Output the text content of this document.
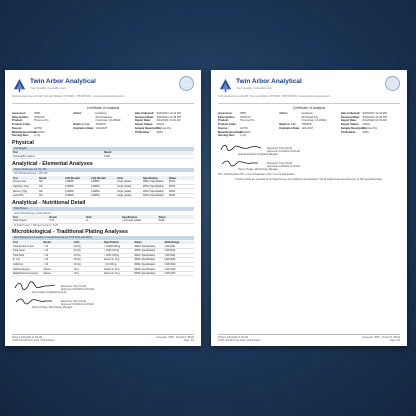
Twin Arbor Analytical
Your Quality Cannabis Lab
1019 Gresham Ave Unit 108, Twin Lots Washer, OH 53803 · 555-555-5151 · www.twinarboranalytical.com
Certificate of Analysis
Accession:	3565
External Rec:	INV0123
Product:	Thumos Pro
Product Code:
Source:	ACTM
Manufactured Date:
6/1/2024
Serving Size:	4 mg
Client:	Hushpets
331 Road Ave
Cincinnati, CA 93913
Batch or Lot:	TI0025P
Expiration Date: 12/1/2027
Date Collected: 5/25/2024 12:44 PM
Received Date:	5/29/2024 12:48 PM
Report Date:	6/11/2024 10:03 AM
Report Status:	FINAL
Sample Description:
Thymus Pro
PO Number:	6060
Physical
Unit Weight
Test	Result
Unit weight in grams	0.166
Analytical - Elemental Analyses
Heavy Metals (As, Cd, Hg, Pb)
ICP-MS Methodology: USP 233
Test	Result	LOD (Result)	LOQ (Result)	Units	Specification	Status
Arsenic (As)	ND	0.00500	0.00834	mcg/1 packet	Within Specification	PASS
Cadmium (Cd)	ND	0.00500	0.00834	mcg/1 packet	Within Specification	PASS
Mercury (Hg)	ND	0.00500	0.00834	mcg/1 packet	Within Specification	PASS
Lead (Pb)	ND	0.00500	0.00834	mcg/1 packet	Within Specification	PASS
Analytical - Nutritional Detail
Total Protein
LECO Methodology: AOAC 992.23
Test	Result	Units	Specification	Status
Total Protein	0.78	%	≥ 0.5 mg/1 packet	PASS
% Total Protein = Nitrogen Content * 6.25
Microbiological - Traditional Plating Analyses
Microbiological enumeration of supplements (as per USP 2021 and 2022)
Test	Result	Units	Specification	Status	Methodology
Total Aerobic Count	< 10	CFU/g	< 10000 CFU/g	Within Specification	USP 2021
Total Yeast	< 10	CFU/g	< 1000 CFU/g	Within Specification	USP 2021
Total Mold	< 10	CFU/g	< 1000 CFU/g	Within Specification	USP 2021
E. coli	< 10	CFU/g	Absent in 10 g	Within Specification	USP 2022
Coliforms	< 10	CFU/g	< 10 CFU/g	Within Specification	USP 2022
Salmonella spp.	Absent	/10 g	Absent in 10 g	Within Specification	USP 2022
Staphylococcus aureus	Absent	/10 g	Absent in 10 g	Within Specification	USP 2022
Reviewed: Tracy Ponds
Approved: 6/11/2024 10:03 AM
Tech Analyst, Analytical Chemist
Reviewed: Tracy Ponds
Approved: 6/11/2024 11:08 AM
Tammy Hedge, Microbiology Manager
Printed: 6/11/2024 11:09 AM	Accession: 3565 · Product #: 35424
CUST-OR-003 Twin Arbor COA & Notes	Page: 1/2
Twin Arbor Analytical
Your Quality Cannabis Lab
1019 Gresham Ave Unit 108, Twin Lots Washer, OH 53803 · 555-555-5151 · www.twinarboranalytical.com
Certificate of Analysis
Accession:	3565
External Rec:	INV0123
Product:	Thumos Pro
Product Code:
Source:	ACTM
Manufactured Date:
6/1/2024
Serving Size:	4 mg
Client:	Hushpets
331 Road Ave
Cincinnati, CA 93913
Batch or Lot:	TI0025P
Expiration Date: 12/1/2027
Date Collected: 5/25/2024 12:44 PM
Received Date:	5/29/2024 12:48 PM
Report Date:	6/11/2024 10:03 AM
Report Status:	FINAL
Sample Description:
Thymus Pro
PO Number:	6060
Reviewed: Tracy Ponds
Approved: 6/11/2024 10:03 AM
Analytical Analyst, Analytical Manager
Reviewed: Tracy Ponds
Approved: 6/11/2024 11:08 AM
Tammy Hedge, Microbiology Manager
ND = Not Detected LOD = Limit of Detection LOQ = Limit of Quantitation
Product results are provided to the Client but are not certified by the laboratory. Not all matrices are determined on an ISO accredited basis.
Printed: 6/11/2024 11:09 AM	Accession: 3565 · Product #: 35424
CUST-OR-003 Twin Arbor COA & Notes	Page: 2/2
